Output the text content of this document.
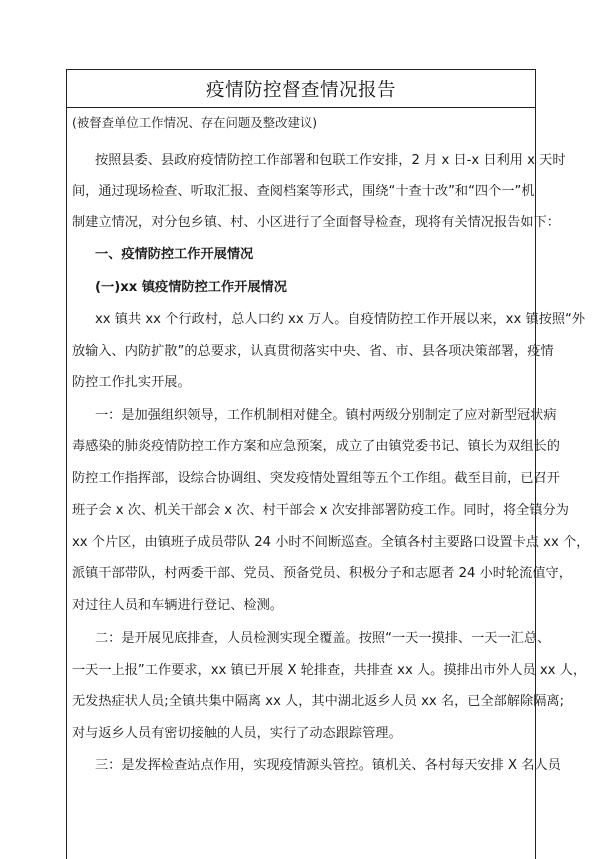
疫情防控督查情况报告
(被督查单位工作情况、存在问题及整改建议)
按照县委、县政府疫情防控工作部署和包联工作安排，2 月 x 日-x 日利用 x 天时
间，通过现场检查、听取汇报、查阅档案等形式，围绕“十查十改”和“四个一”机
制建立情况，对分包乡镇、村、小区进行了全面督导检查，现将有关情况报告如下：
一、疫情防控工作开展情况
(一)xx 镇疫情防控工作开展情况
xx 镇共 xx 个行政村，总人口约 xx 万人。自疫情防控工作开展以来，xx 镇按照“外
放输入、内防扩散”的总要求，认真贯彻落实中央、省、市、县各项决策部署，疫情
防控工作扎实开展。
一：是加强组织领导，工作机制相对健全。镇村两级分别制定了应对新型冠状病
毒感染的肺炎疫情防控工作方案和应急预案，成立了由镇党委书记、镇长为双组长的
防控工作指挥部，设综合协调组、突发疫情处置组等五个工作组。截至目前，已召开
班子会 x 次、机关干部会 x 次、村干部会 x 次安排部署防疫工作。同时，将全镇分为
xx 个片区，由镇班子成员带队 24 小时不间断巡查。全镇各村主要路口设置卡点 xx 个，
派镇干部带队，村两委干部、党员、预备党员、积极分子和志愿者 24 小时轮流值守，
对过往人员和车辆进行登记、检测。
二：是开展见底排查，人员检测实现全覆盖。按照“一天一摸排、一天一汇总、
一天一上报”工作要求，xx 镇已开展 X 轮排查，共排查 xx 人。摸排出市外人员 xx 人，
无发热症状人员;全镇共集中隔离 xx 人，其中湖北返乡人员 xx 名，已全部解除隔离;
对与返乡人员有密切接触的人员，实行了动态跟踪管理。
三：是发挥检查站点作用，实现疫情源头管控。镇机关、各村每天安排 X 名人员
